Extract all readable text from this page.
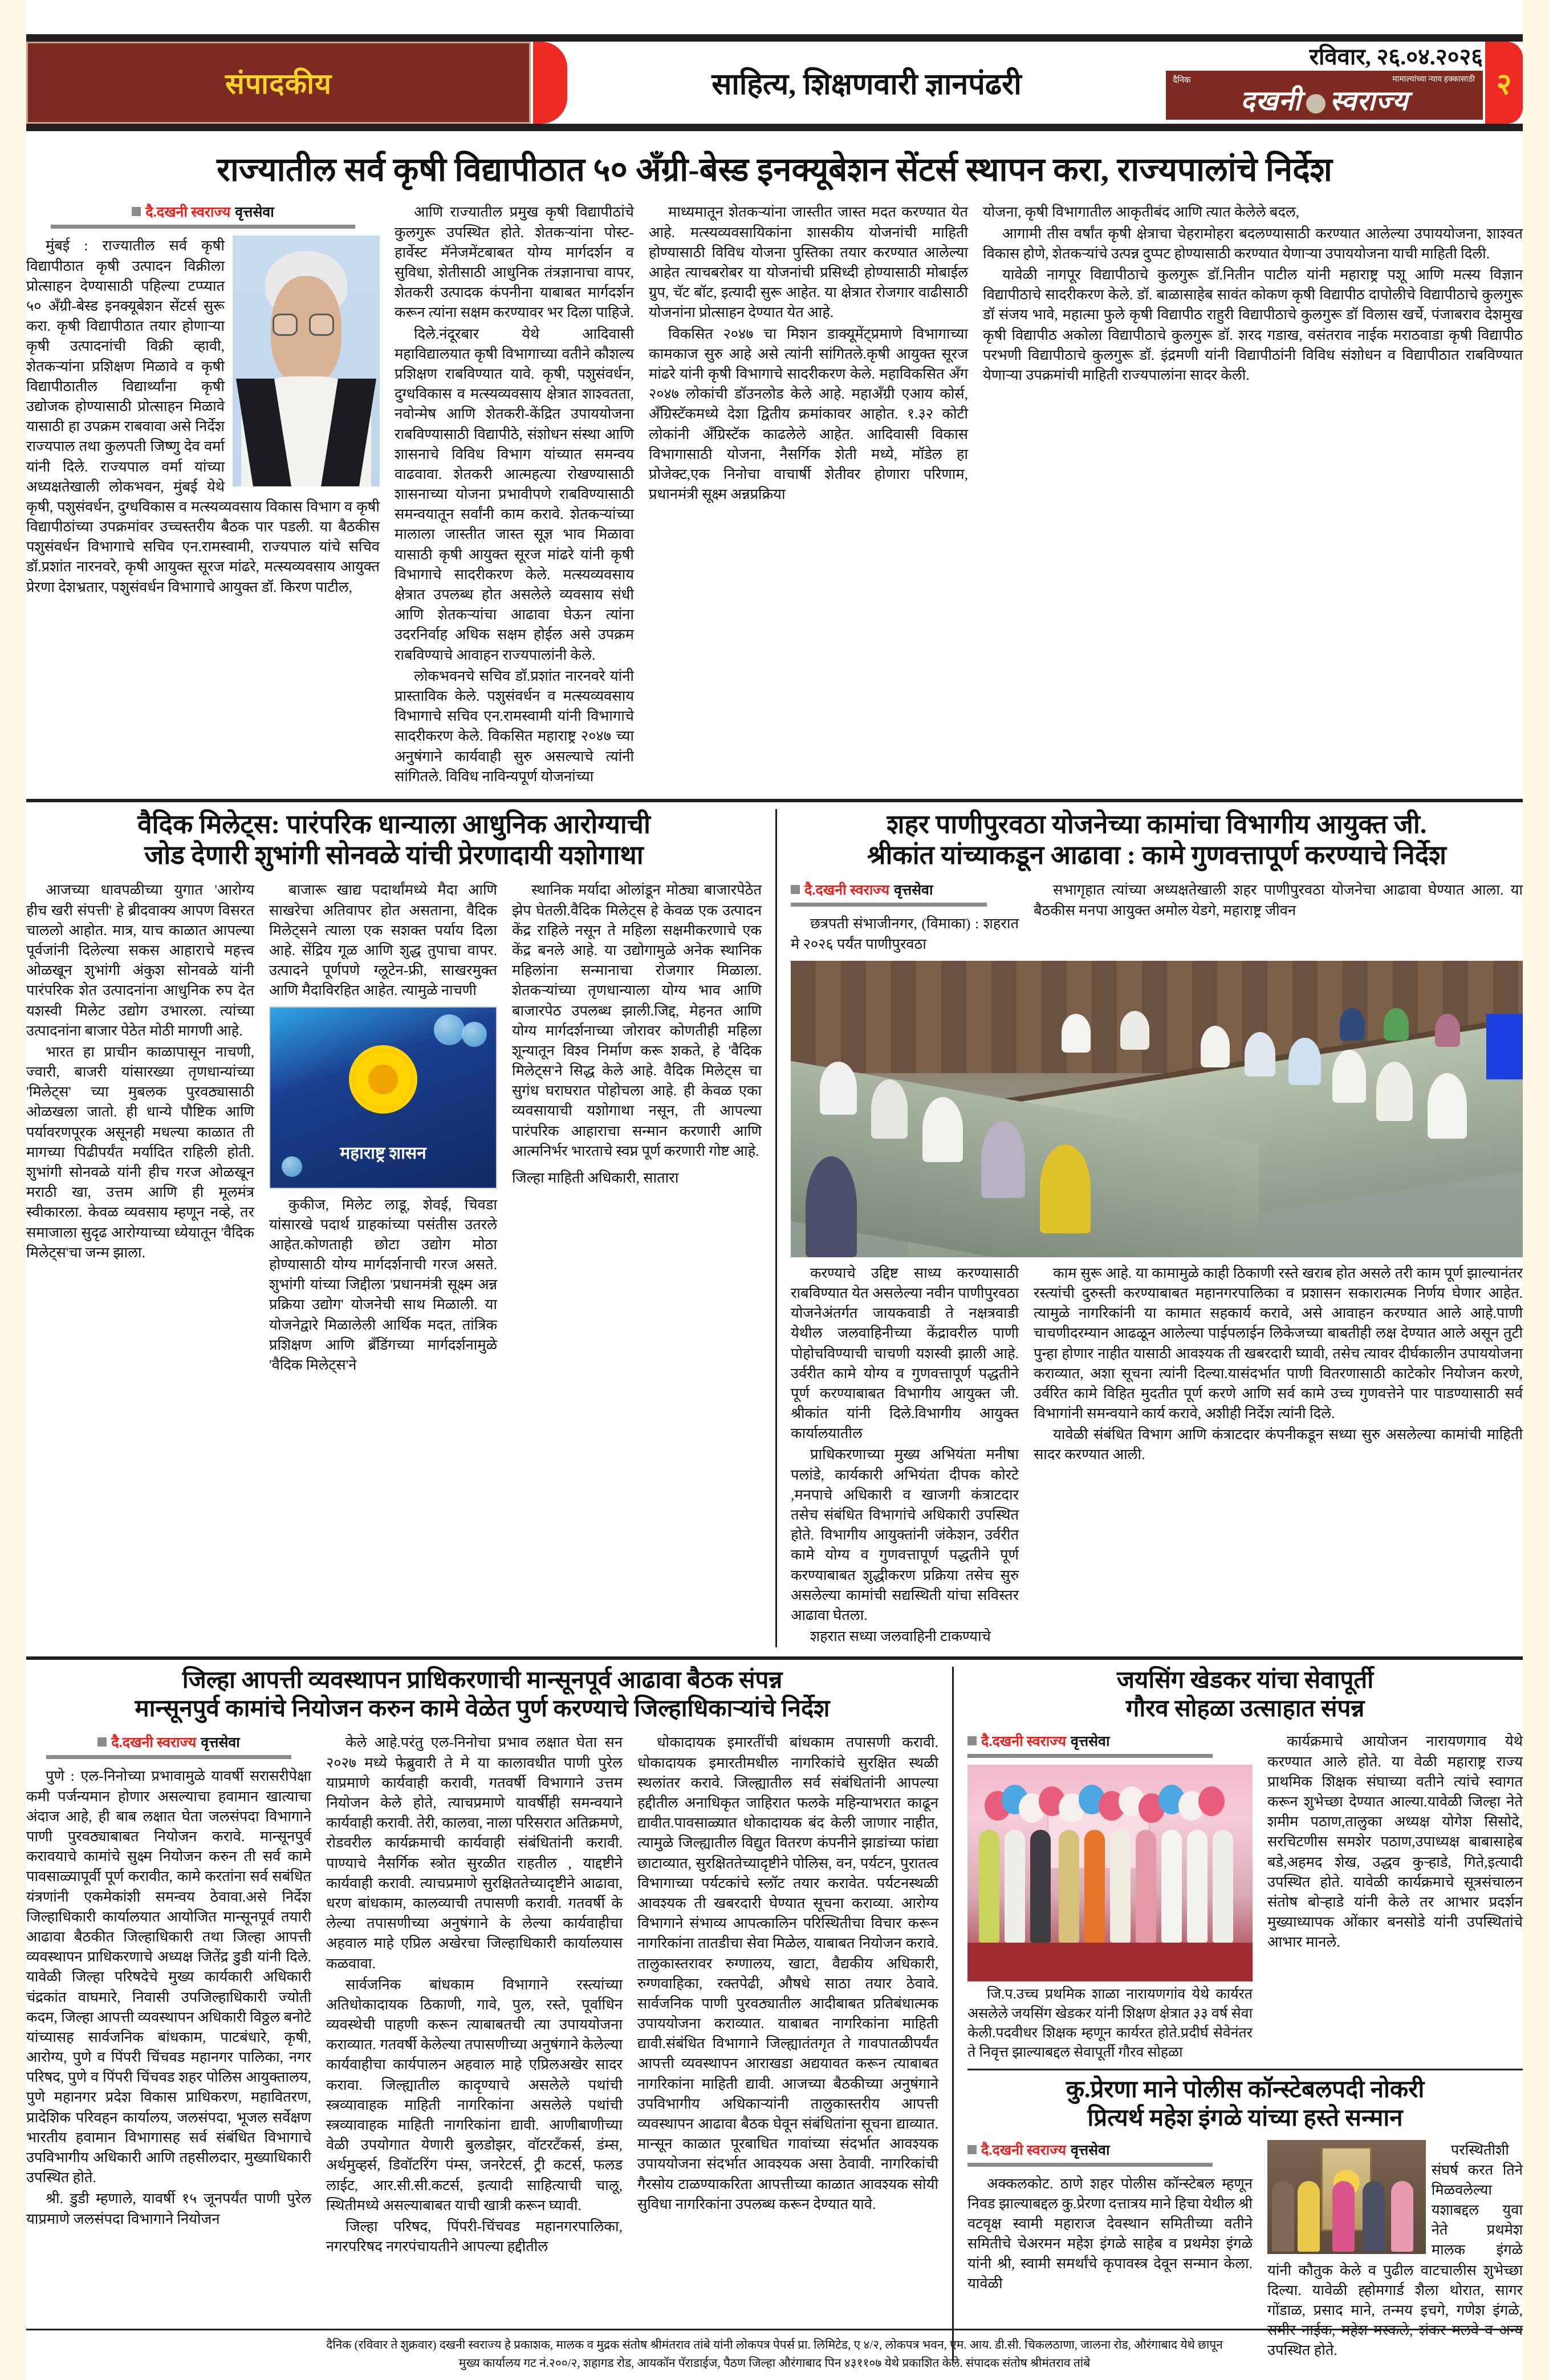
संपादकीय	साहित्य, शिक्षणवारी ज्ञानपंढरी
रविवार, २६.०४.२०२६
दैनिक	मामाल्यांच्या न्याय हक्कासाठी
दखनी स्वराज्य
२
राज्यातील सर्व कृषी विद्यापीठात ५० अँग्री-बेस्ड इनक्यूबेशन सेंटर्स स्थापन करा, राज्यपालांचे निर्देश
दै.दखनी स्वराज्य वृत्तसेवा

मुंबई : राज्यातील सर्व कृषी विद्यापीठात कृषी उत्पादन विक्रीला प्रोत्साहन देण्यासाठी पहिल्या टप्प्यात ५० अँग्री-बेस्ड इनक्यूबेशन सेंटर्स सुरू करा. कृषी विद्यापीठात तयार होणाऱ्या कृषी उत्पादनांची विक्री व्हावी, शेतकऱ्यांना प्रशिक्षण मिळावे व कृषी विद्यापीठातील विद्यार्थ्यांना कृषी उद्योजक होण्यासाठी प्रोत्साहन मिळावे यासाठी हा उपक्रम राबवावा असे निर्देश राज्यपाल तथा कुलपती जिष्णु देव वर्मा यांनी दिले. राज्यपाल वर्मा यांच्या अध्यक्षतेखाली लोकभवन, मुंबई येथे कृषी, पशुसंवर्धन, दुग्धविकास व मत्स्यव्यवसाय विकास विभाग व कृषी विद्यापीठांच्या उपक्रमांवर उच्चस्तरीय बैठक पार पडली. या बैठकीस पशुसंवर्धन विभागाचे सचिव एन.रामस्वामी, राज्यपाल यांचे सचिव डॉ.प्रशांत नारनवरे, कृषी आयुक्त सूरज मांढरे, मत्स्यव्यवसाय आयुक्त प्रेरणा देशभ्रतार, पशुसंवर्धन विभागाचे आयुक्त डॉ. किरण पाटील,

आणि राज्यातील प्रमुख कृषी विद्यापीठांचे कुलगुरू उपस्थित होते. शेतकऱ्यांना पोस्ट-हार्वेस्ट मॅनेजमेंटबाबत योग्य मार्गदर्शन व सुविधा, शेतीसाठी आधुनिक तंत्रज्ञानाचा वापर, शेतकरी उत्पादक कंपनीना याबाबत मार्गदर्शन करून त्यांना सक्षम करण्यावर भर दिला पाहिजे.

दिले.नंदूरबार येथे आदिवासी महाविद्यालयात कृषी विभागाच्या वतीने कौशल्य प्रशिक्षण राबविण्यात यावे. कृषी, पशुसंवर्धन, दुग्धविकास व मत्स्यव्यवसाय क्षेत्रात शाश्वतता, नवोन्मेष आणि शेतकरी-केंद्रित उपाययोजना राबविण्यासाठी विद्यापीठे, संशोधन संस्था आणि शासनाचे विविध विभाग यांच्यात समन्वय वाढवावा. शेतकरी आत्महत्या रोखण्यासाठी शासनाच्या योजना प्रभावीपणे राबविण्यासाठी समन्वयातून सर्वांनी काम करावे. शेतकऱ्यांच्या मालाला जास्तीत जास्त सूज्ञ भाव मिळावा यासाठी कृषी आयुक्त सूरज मांढरे यांनी कृषी विभागाचे सादरीकरण केले. मत्स्यव्यवसाय क्षेत्रात उपलब्ध होत असलेले व्यवसाय संधी आणि शेतकऱ्यांचा आढावा घेऊन त्यांना उदरनिर्वाह अधिक सक्षम होईल असे उपक्रम राबविण्याचे आवाहन राज्यपालांनी केले.

लोकभवनचे सचिव डॉ.प्रशांत नारनवरे यांनी प्रास्ताविक केले. पशुसंवर्धन व मत्स्यव्यवसाय विभागाचे सचिव एन.रामस्वामी यांनी विभागाचे सादरीकरण केले. विकसित महाराष्ट्र २०४७ च्या अनुषंगाने कार्यवाही सुरु असल्याचे त्यांनी सांगितले. विविध नाविन्यपूर्ण योजनांच्या

माध्यमातून शेतकऱ्यांना जास्तीत जास्त मदत करण्यात येत आहे. मत्स्यव्यवसायिकांना शासकीय योजनांची माहिती होण्यासाठी विविध योजना पुस्तिका तयार करण्यात आलेल्या आहेत त्याचबरोबर या योजनांची प्रसिध्दी होण्यासाठी मोबाईल ग्रुप, चॅट बॉट, इत्यादी सुरू आहेत. या क्षेत्रात रोजगार वाढीसाठी योजनांना प्रोत्साहन देण्यात येत आहे.

विकसित २०४७ चा मिशन डाक्यूमेंट्प्रमाणे विभागाच्या कामकाज सुरु आहे असे त्यांनी सांगितले.कृषी आयुक्त सूरज मांढरे यांनी कृषी विभागाचे सादरीकरण केले. महाविकसित अँग २०४७ लोकांची डॉउनलोड केले आहे. महाअँग्री एआय कोर्स, अँग्रिस्टॅकमध्ये देशा द्वितीय क्रमांकावर आहोत. १.३२ कोटी लोकांनी अँग्रिस्टॅक काढलेले आहेत. आदिवासी विकास विभागासाठी योजना, नैसर्गिक शेती मध्ये, मॉडेल हा प्रोजेक्ट,एक निनोचा वाचार्षी शेतीवर होणारा परिणाम, प्रधानमंत्री सूक्ष्म अन्नप्रक्रिया

योजना, कृषी विभागातील आकृतीबंद आणि त्यात केलेले बदल,

आगामी तीस वर्षांत कृषी क्षेत्राचा चेहरामोहरा बदलण्यासाठी करण्यात आलेल्या उपाययोजना, शाश्वत विकास होणे, शेतकऱ्यांचे उत्पन्न दुप्पट होण्यासाठी करण्यात येणाऱ्या उपाययोजना याची माहिती दिली.

यावेळी नागपूर विद्यापीठाचे कुलगुरू डॉ.नितीन पाटील यांनी महाराष्ट्र पशू आणि मत्स्य विज्ञान विद्यापीठाचे सादरीकरण केले. डॉ. बाळासाहेब सावंत कोकण कृषी विद्यापीठ दापोलीचे विद्यापीठाचे कुलगुरू डॉ संजय भावे, महात्मा फुले कृषी विद्यापीठ राहुरी विद्यापीठाचे कुलगुरू डॉ विलास खर्चे, पंजाबराव देशमुख कृषी विद्यापीठ अकोला विद्यापीठाचे कुलगुरू डॉ. शरद गडाख, वसंतराव नाईक मराठवाडा कृषी विद्यापीठ परभणी विद्यापीठाचे कुलगुरू डॉ. इंद्रमणी यांनी विद्यापीठांनी विविध संशोधन व विद्यापीठात राबविण्यात येणाऱ्या उपक्रमांची माहिती राज्यपालांना सादर केली.

वैदिक मिलेट्स: पारंपरिक धान्याला आधुनिक आरोग्याची
जोड देणारी शुभांगी सोनवळे यांची प्रेरणादायी यशोगाथा

आजच्या धावपळीच्या युगात 'आरोग्य हीच खरी संपत्ती' हे ब्रीदवाक्य आपण विसरत चाललो आहोत. मात्र, याच काळात आपल्या पूर्वजांनी दिलेल्या सकस आहाराचे महत्त्व ओळखून शुभांगी अंकुश सोनवळे यांनी पारंपरिक शेत उत्पादनांना आधुनिक रुप देत यशस्वी मिलेट उद्योग उभारला. त्यांच्या उत्पादनांना बाजार पेठेत मोठी मागणी आहे.

भारत हा प्राचीन काळापासून नाचणी, ज्वारी, बाजरी यांसारख्या तृणधान्यांच्या 'मिलेट्स' च्या मुबलक पुरवठ्यासाठी ओळखला जातो. ही धान्ये पौष्टिक आणि पर्यावरणपूरक असूनही मधल्या काळात ती मागच्या पिढीपर्यंत मर्यादित राहिली होती. शुभांगी सोनवळे यांनी हीच गरज ओळखून मराठी खा, उत्तम आणि ही मूलमंत्र स्वीकारला. केवळ व्यवसाय म्हणून नव्हे, तर समाजाला सुदृढ आरोग्याच्या ध्येयातून 'वैदिक मिलेट्स'चा जन्म झाला.

बाजारू खाद्य पदार्थांमध्ये मैदा आणि साखरेचा अतिवापर होत असताना, वैदिक मिलेट्सने त्याला एक सशक्त पर्याय दिला आहे. सेंद्रिय गूळ आणि शुद्ध तुपाचा वापर. उत्पादने पूर्णपणे ग्लूटेन-फ्री, साखरमुक्त आणि मैदाविरहित आहेत. त्यामुळे नाचणी

महाराष्ट्र शासन

कुकीज, मिलेट लाडू, शेवई, चिवडा यांसारखे पदार्थ ग्राहकांच्या पसंतीस उतरले आहेत.कोणताही छोटा उद्योग मोठा होण्यासाठी योग्य मार्गदर्शनाची गरज असते. शुभांगी यांच्या जिद्दीला 'प्रधानमंत्री सूक्ष्म अन्न प्रक्रिया उद्योग' योजनेची साथ मिळाली. या योजनेद्वारे मिळालेली आर्थिक मदत, तांत्रिक प्रशिक्षण आणि ब्रँडिंगच्या मार्गदर्शनामुळे 'वैदिक मिलेट्स'ने

स्थानिक मर्यादा ओलांडून मोठ्या बाजारपेठेत झेप घेतली.वैदिक मिलेट्स हे केवळ एक उत्पादन केंद्र राहिले नसून ते महिला सक्षमीकरणाचे एक केंद्र बनले आहे. या उद्योगामुळे अनेक स्थानिक महिलांना सन्मानाचा रोजगार मिळाला. शेतकऱ्यांच्या तृणधान्याला योग्य भाव आणि बाजारपेठ उपलब्ध झाली.जिद्द, मेहनत आणि योग्य मार्गदर्शनाच्या जोरावर कोणतीही महिला शून्यातून विश्व निर्माण करू शकते, हे 'वैदिक मिलेट्स'ने सिद्ध केले आहे. वैदिक मिलेट्स चा सुगंध घराघरात पोहोचला आहे. ही केवळ एका व्यवसायाची यशोगाथा नसून, ती आपल्या पारंपरिक आहाराचा सन्मान करणारी आणि आत्मनिर्भर भारताचे स्वप्न पूर्ण करणारी गोष्ट आहे.

जिल्हा माहिती अधिकारी, सातारा

शहर पाणीपुरवठा योजनेच्या कामांचा विभागीय आयुक्त जी.
श्रीकांत यांच्याकडून आढावा : कामे गुणवत्तापूर्ण करण्याचे निर्देश
दै.दखनी स्वराज्य वृत्तसेवा

छत्रपती संभाजीनगर, (विमाका) : शहरात मे २०२६ पर्यंत पाणीपुरवठा

सभागृहात त्यांच्या अध्यक्षतेखाली शहर पाणीपुरवठा योजनेचा आढावा घेण्यात आला. या बैठकीस मनपा आयुक्त अमोल येडगे, महाराष्ट्र जीवन

करण्याचे उद्दिष्ट साध्य करण्यासाठी राबविण्यात येत असलेल्या नवीन पाणीपुरवठा योजनेअंतर्गत जायकवाडी ते नक्षत्रवाडी येथील जलवाहिनीच्या केंद्रावरील पाणी पोहोचविण्याची चाचणी यशस्वी झाली आहे. उर्वरीत कामे योग्य व गुणवत्तापूर्ण पद्धतीने पूर्ण करण्याबाबत विभागीय आयुक्त जी. श्रीकांत यांनी दिले.विभागीय आयुक्त कार्यालयातील

प्राधिकरणाच्या मुख्य अभियंता मनीषा पलांडे, कार्यकारी अभियंता दीपक कोरटे ,मनपाचे अधिकारी व खाजगी कंत्राटदार तसेच संबंधित विभागांचे अधिकारी उपस्थित होते. विभागीय आयुक्तांनी जंकेशन, उर्वरीत कामे योग्य व गुणवत्तापूर्ण पद्धतीने पूर्ण करण्याबाबत शुद्धीकरण प्रक्रिया तसेच सुरु असलेल्या कामांची सद्यस्थिती यांचा सविस्तर आढावा घेतला.

शहरात सध्या जलवाहिनी टाकण्याचे

काम सुरू आहे. या कामामुळे काही ठिकाणी रस्ते खराब होत असले तरी काम पूर्ण झाल्यानंतर रस्त्यांची दुरुस्ती करण्याबाबत महानगरपालिका व प्रशासन सकारात्मक निर्णय घेणार आहेत. त्यामुळे नागरिकांनी या कामात सहकार्य करावे, असे आवाहन करण्यात आले आहे.पाणी चाचणीदरम्यान आढळून आलेल्या पाईपलाईन लिकेजच्या बाबतीही लक्ष देण्यात आले असून तुटी पुन्हा होणार नाहीत यासाठी आवश्यक ती खबरदारी घ्यावी, तसेच त्यावर दीर्घकालीन उपाययोजना कराव्यात, अशा सूचना त्यांनी दिल्या.यासंदर्भात पाणी वितरणासाठी काटेकोर नियोजन करणे, उर्वरित कामे विहित मुदतीत पूर्ण करणे आणि सर्व कामे उच्च गुणवत्तेने पार पाडण्यासाठी सर्व विभागांनी समन्वयाने कार्य करावे, अशीही निर्देश त्यांनी दिले.

यावेळी संबंधित विभाग आणि कंत्राटदार कंपनीकडून सध्या सुरु असलेल्या कामांची माहिती सादर करण्यात आली.

जिल्हा आपत्ती व्यवस्थापन प्राधिकरणाची मान्सूनपूर्व आढावा बैठक संपन्न
मान्सूनपुर्व कामांचे नियोजन करुन कामे वेळेत पुर्ण करण्याचे जिल्हाधिकाऱ्यांचे निर्देश
दै.दखनी स्वराज्य वृत्तसेवा

पुणे : एल-निनोच्या प्रभावामुळे यावर्षी सरासरीपेक्षा कमी पर्जन्यमान होणार असल्याचा हवामान खात्याचा अंदाज आहे, ही बाब लक्षात घेता जलसंपदा विभागाने पाणी पुरवठ्याबाबत नियोजन करावे. मान्सूनपुर्व करावयाचे कामांचे सुक्ष्म नियोजन करुन ती सर्व कामे पावसाळ्यापूर्वी पूर्ण करावीत, कामे करतांना सर्व सबंधित यंत्रणांनी एकमेकांशी समन्वय ठेवावा.असे निर्देश जिल्हाधिकारी कार्यालयात आयोजित मान्सूनपूर्व तयारी आढावा बैठकीत जिल्हाधिकारी तथा जिल्हा आपत्ती व्यवस्थापन प्राधिकरणाचे अध्यक्ष जितेंद्र डुडी यांनी दिले. यावेळी जिल्हा परिषदेचे मुख्य कार्यकारी अधिकारी चंद्रकांत वाघमारे, निवासी उपजिल्हाधिकारी ज्योती कदम, जिल्हा आपत्ती व्यवस्थापन अधिकारी विठ्ठल बनोटे यांच्यासह सार्वजनिक बांधकाम, पाटबंधारे, कृषी, आरोग्य, पुणे व पिंपरी चिंचवड महानगर पालिका, नगर परिषद, पुणे व पिंपरी चिंचवड शहर पोलिस आयुक्तालय, पुणे महानगर प्रदेश विकास प्राधिकरण, महावितरण, प्रादेशिक परिवहन कार्यालय, जलसंपदा, भूजल सर्वेक्षण भारतीय हवामान विभागासह सर्व संबंधित विभागाचे उपविभागीय अधिकारी आणि तहसीलदार, मुख्याधिकारी उपस्थित होते.

श्री. डुडी म्हणाले, यावर्षी १५ जूनपर्यंत पाणी पुरेल याप्रमाणे जलसंपदा विभागाने नियोजन

केले आहे.परंतु एल-निनोचा प्रभाव लक्षात घेता सन २०२७ मध्ये फेब्रुवारी ते मे या कालावधीत पाणी पुरेल याप्रमाणे कार्यवाही करावी, गतवर्षी विभागाने उत्तम नियोजन केले होते, त्याचप्रमाणे यावर्षीही समन्वयाने कार्यवाही करावी. तेरी, कालवा, नाला परिसरात अतिक्रमणे, रोडवरील कार्यक्रमाची कार्यवाही संबंधितांनी करावी. पाण्याचे नैसर्गिक स्त्रोत सुरळीत राहतील , याद्दष्टीने कार्यवाही करावी. त्याचप्रमाणे सुरक्षिततेच्यादृष्टीने आढावा, धरण बांधकाम, कालव्याची तपासणी करावी. गतवर्षी के लेल्या तपासणीच्या अनुषंगाने के लेल्या कार्यवाहीचा अहवाल माहे एप्रिल अखेरचा जिल्हाधिकारी कार्यालयास कळवावा.

सार्वजनिक बांधकाम विभागाने रस्त्यांच्या अतिधोकादायक ठिकाणी, गावे, पुल, रस्ते, पूर्वाधिन व्यवस्थेची पाहणी करून त्याबाबतची त्या उपाययोजना कराव्यात. गतवर्षी केलेल्या तपासणीच्या अनुषंगाने केलेल्या कार्यवाहीचा कार्यपालन अहवाल माहे एप्रिलअखेर सादर करावा. जिल्ह्यातील कादृण्याचे असलेले पथांची स्त्रव्यावाहक माहिती नागरिकांना असलेले पथांची स्त्रव्यावाहक माहिती नागरिकांना द्यावी. आणीबाणीच्या वेळी उपयोगात येणारी बुलडोझर, वॉटरटँकर्स, डंम्स, अर्थमुव्हर्स, डिवॉटरिंग पंम्स, जनरेटर्स, ट्री कटर्स, फलड लाईट, आर.सी.सी.कटर्स, इत्यादी साहित्याची चालू, स्थितीमध्ये असल्याबाबत याची खात्री करून घ्यावी.

जिल्हा परिषद, पिंपरी-चिंचवड महानगरपालिका, नगरपरिषद नगरपंचायतीने आपल्या हद्दीतील

धोकादायक इमारतींची बांधकाम तपासणी करावी. धोकादायक इमारतीमधील नागरिकांचे सुरक्षित स्थळी स्थलांतर करावे. जिल्ह्यातील सर्व संबंधितांनी आपल्या हद्दीतील अनाधिकृत जाहिरात फलके महिन्याभरात काढून द्यावीत.पावसाळ्यात धोकादायक बंद केली जाणार नाहीत, त्यामुळे जिल्ह्यातील विद्युत वितरण कंपनीने झाडांच्या फांद्या छाटाव्यात, सुरक्षिततेच्यादृष्टीने पोलिस, वन, पर्यटन, पुरातत्व विभागाच्या पर्यटकांचे स्लॉट तयार करावेत. पर्यटनस्थळी आवश्यक ती खबरदारी घेण्यात सूचना कराव्या. आरोग्य विभागाने संभाव्य आपत्कालिन परिस्थितीचा विचार करून नागरिकांना तातडीचा सेवा मिळेल, याबाबत नियोजन करावे. तालुकास्तरावर रुग्णालय, खाटा, वैद्यकीय अधिकारी, रुग्णवाहिका, रक्तपेढी, औषधे साठा तयार ठेवावे. सार्वजनिक पाणी पुरवठ्यातील आदीबाबत प्रतिबंधात्मक उपाययोजना कराव्यात. याबाबत नागरिकांना माहिती द्यावी.संबंधित विभागाने जिल्ह्यातंतगृत ते गावपातळीपर्यंत आपत्ती व्यवस्थापन आराखडा अद्ययावत करून त्याबाबत नागरिकांना माहिती द्यावी. आजच्या बैठकीच्या अनुषंगाने उपविभागीय अधिकाऱ्यांनी तालुकास्तरीय आपत्ती व्यवस्थापन आढावा बैठक घेवून संबंधितांना सूचना द्याव्यात. मान्सून काळात पूरबाधित गावांच्या संदर्भात आवश्यक उपाययोजना संदर्भात आवश्यक असा ठेवावी. नागरिकांची गैरसोय टाळण्याकरिता आपत्तीच्या काळात आवश्यक सोयी सुविधा नागरिकांना उपलब्ध करून देण्यात यावे.

जयसिंग खेडकर यांचा सेवापूर्ती
गौरव सोहळा उत्साहात संपन्न
दै.दखनी स्वराज्य वृत्तसेवा

जि.प.उच्च प्रथमिक शाळा नारायणगांव येथे कार्यरत असलेले जयसिंग खेडकर यांनी शिक्षण क्षेत्रात ३३ वर्ष सेवा केली.पदवीधर शिक्षक म्हणून कार्यरत होते.प्रदीर्घ सेवेनंतर ते निवृत्त झाल्याबद्दल सेवापूर्ती गौरव सोहळा

कार्यक्रमाचे आयोजन नारायणगाव येथे करण्यात आले होते. या वेळी महाराष्ट्र राज्य प्राथमिक शिक्षक संघाच्या वतीने त्यांचे स्वागत करून शुभेच्छा देण्यात आल्या.यावेळी जिल्हा नेते शमीम पठाण,तालुका अध्यक्ष योगेश सिसोदे, सरचिटणीस समशेर पठाण,उपाध्यक्ष बाबासाहेब बडे,अहमद शेख, उद्धव कुऱ्हाडे, गिते,इत्यादी उपस्थित होते. यावेळी कार्यक्रमाचे सूत्रसंचालन संतोष बोऱ्हाडे यांनी केले तर आभार प्रदर्शन मुख्याध्यापक ओंकार बनसोडे यांनी उपस्थितांचे आभार मानले.

कु.प्रेरणा माने पोलीस कॉन्स्टेबलपदी नोकरी
प्रित्यर्थ महेश इंगळे यांच्या हस्ते सन्मान
दै.दखनी स्वराज्य वृत्तसेवा

अक्कलकोट. ठाणे शहर पोलीस कॉन्स्टेबल म्हणून निवड झाल्याबद्दल कु.प्रेरणा दत्तात्रय माने हिचा येथील श्री वटवृक्ष स्वामी महाराज देवस्थान समितीच्या वतीने समितीचे चेअरमन महेश इंगळे साहेब व प्रथमेश इंगळे यांनी श्री, स्वामी समर्थांचे कृपावस्त्र देवून सन्मान केला. यावेळी

परस्थितीशी संघर्ष करत तिने मिळवलेल्या यशाबद्दल युवा नेते प्रथमेश मालक इंगळे यांनी कौतुक केले व पुढील वाटचालीस शुभेच्छा दिल्या. यावेळी ह्होमगार्ड शैला थोरात, सागर गोंडाळ, प्रसाद माने, तन्मय इचगे, गणेश इंगळे, समीर नाईक, महेश मस्कले, शंकर मलवे व अन्य उपस्थित होते.

दैनिक (रविवार ते शुक्रवार) दखनी स्वराज्य हे प्रकाशक, मालक व मुद्रक संतोष श्रीमंतराव तांबे यांनी लोकपत्र पेपर्स प्रा. लिमिटेड, ए ४/२, लोकपत्र भवन, एम. आय. डी.सी. चिकलठाणा, जालना रोड, औरंगाबाद येथे छापून
मुख्य कार्यालय गट नं.२००/२, शहागड रोड, आयकॉन पॅराडाईज, पैठण जिल्हा औरंगाबाद पिन ४३११०७ येथे प्रकाशित केले. संपादक संतोष श्रीमंतराव तांबे
